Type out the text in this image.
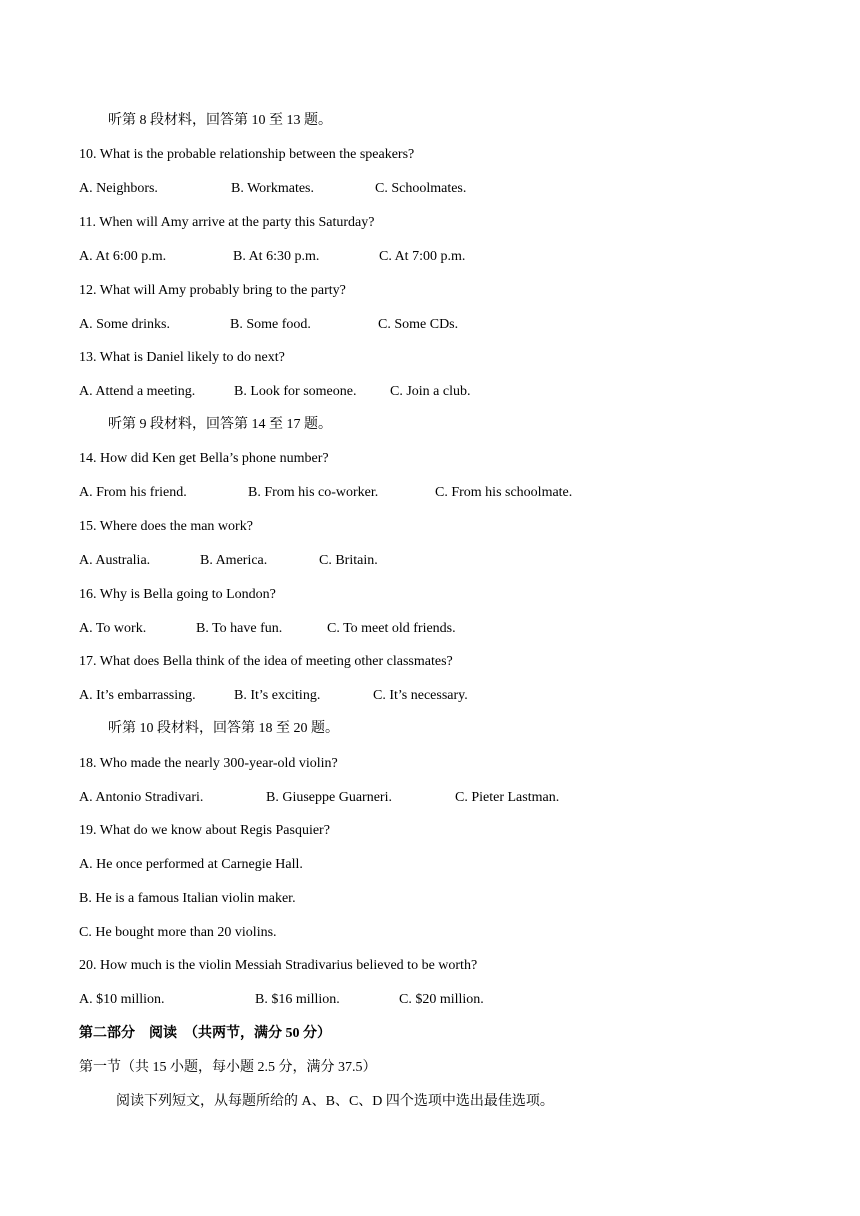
听第 8 段材料，回答第 10 至 13 题。
10. What is the probable relationship between the speakers?
A. Neighbors.	B. Workmates.	C. Schoolmates.
11. When will Amy arrive at the party this Saturday?
A. At 6:00 p.m.	B. At 6:30 p.m.	C. At 7:00 p.m.
12. What will Amy probably bring to the party?
A. Some drinks.	B. Some food.	C. Some CDs.
13. What is Daniel likely to do next?
A. Attend a meeting.	B. Look for someone. C. Join a club.
听第 9 段材料，回答第 14 至 17 题。
14. How did Ken get Bella’s phone number?
A. From his friend.	B. From his co-worker.	C. From his schoolmate.
15. Where does the man work?
A. Australia.	B. America.	C. Britain.
16. Why is Bella going to London?
A. To work.	B. To have fun.	C. To meet old friends.
17. What does Bella think of the idea of meeting other classmates?
A. It’s embarrassing.	B. It’s exciting.	C. It’s necessary.
听第 10 段材料，回答第 18 至 20 题。
18. Who made the nearly 300-year-old violin?
A. Antonio Stradivari.	B. Giuseppe Guarneri.	C. Pieter Lastman.
19. What do we know about Regis Pasquier?
A. He once performed at Carnegie Hall.
B. He is a famous Italian violin maker.
C. He bought more than 20 violins.
20. How much is the violin Messiah Stradivarius believed to be worth?
A. $10 million.	B. $16 million.	C. $20 million.
第二部分　阅读　（共两节，满分 50 分）
第一节（共 15 小题，每小题 2.5 分，满分 37.5）
阅读下列短文，从每题所给的 A、B、C、D 四个选项中选出最佳选项。
